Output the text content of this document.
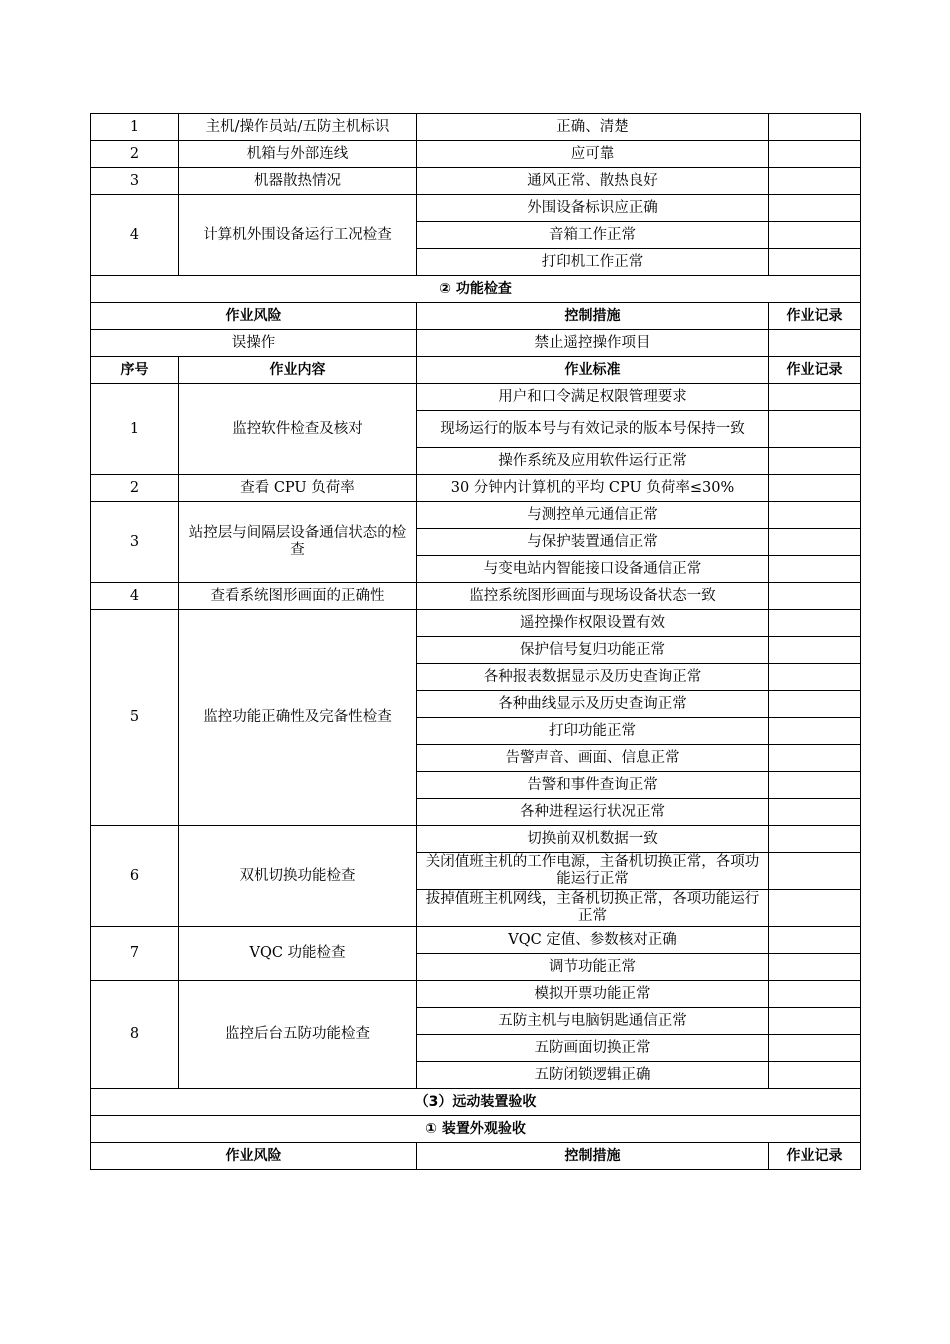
1	主机/操作员站/五防主机标识	正确、清楚	
2	机箱与外部连线	应可靠	
3	机器散热情况	通风正常、散热良好	
4	计算机外围设备运行工况检查	外围设备标识应正确	
		音箱工作正常	
		打印机工作正常	
② 功能检查			
作业风险		控制措施	作业记录
误操作		禁止遥控操作项目	
序号	作业内容	作业标准	作业记录
1	监控软件检查及核对	用户和口令满足权限管理要求	
		现场运行的版本号与有效记录的版本号保持一致	
		操作系统及应用软件运行正常	
2	查看 CPU 负荷率	30 分钟内计算机的平均 CPU 负荷率≤30%	
3	站控层与间隔层设备通信状态的检查	与测控单元通信正常	
		与保护装置通信正常	
		与变电站内智能接口设备通信正常	
4	查看系统图形画面的正确性	监控系统图形画面与现场设备状态一致	
5	监控功能正确性及完备性检查	遥控操作权限设置有效	
		保护信号复归功能正常	
		各种报表数据显示及历史查询正常	
		各种曲线显示及历史查询正常	
		打印功能正常	
		告警声音、画面、信息正常	
		告警和事件查询正常	
		各种进程运行状况正常	
6	双机切换功能检查	切换前双机数据一致	
		关闭值班主机的工作电源，主备机切换正常，各项功能运行正常	
		拔掉值班主机网线，主备机切换正常，各项功能运行正常	
7	VQC 功能检查	VQC 定值、参数核对正确	
		调节功能正常	
8	监控后台五防功能检查	模拟开票功能正常	
		五防主机与电脑钥匙通信正常	
		五防画面切换正常	
		五防闭锁逻辑正确	
（3）远动装置验收			
① 装置外观验收			
作业风险		控制措施	作业记录
